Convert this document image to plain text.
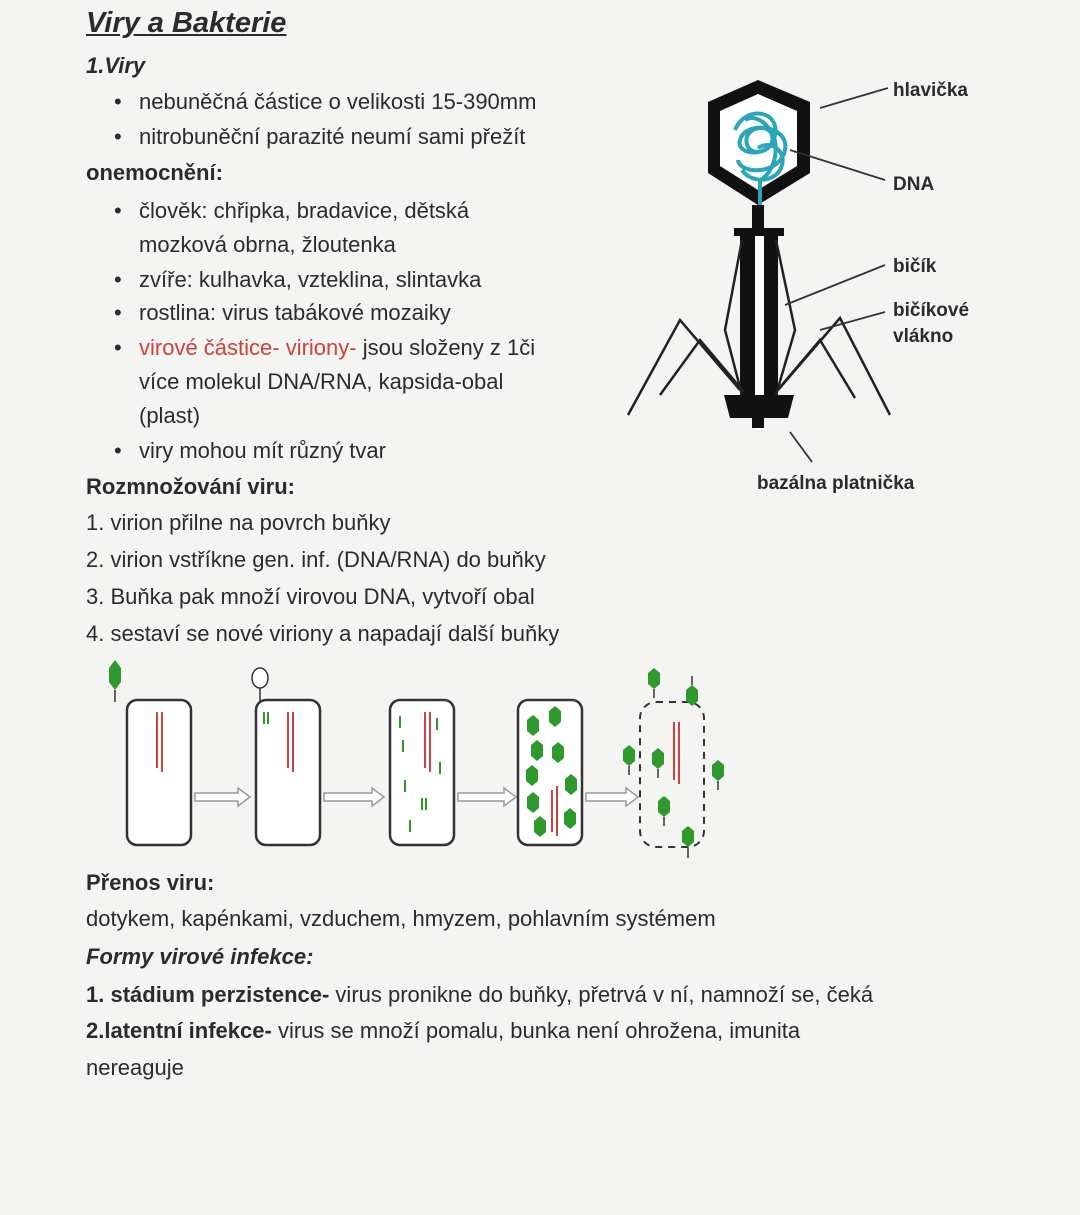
Viry a Bakterie
1.Viry
• nebuněčná částice o velikosti 15-390mm
• nitrobuněční parazité neumí sami přežít
onemocnění:
• člověk: chřipka, bradavice, dětská
mozková obrna, žloutenka
• zvíře: kulhavka, vzteklina, slintavka
• rostlina: virus tabákové mozaiky
• virové částice- viriony- jsou složeny z 1či
více molekul DNA/RNA, kapsida-obal
(plast)
• viry mohou mít různý tvar
Rozmnožování viru:
1. virion přilne na povrch buňky
2. virion vstříkne gen. inf. (DNA/RNA) do buňky
3. Buňka pak množí virovou DNA, vytvoří obal
4. sestaví se nové viriony a napadají další buňky
hlavička
DNA
bičík
bičíkové
vlákno
bazálna platnička
Přenos viru:
dotykem, kapénkami, vzduchem, hmyzem, pohlavním systémem
Formy virové infekce:
1. stádium perzistence- virus pronikne do buňky, přetrvá v ní, namnoží se, čeká
2.latentní infekce- virus se množí pomalu, bunka není ohrožena, imunita
nereaguje
